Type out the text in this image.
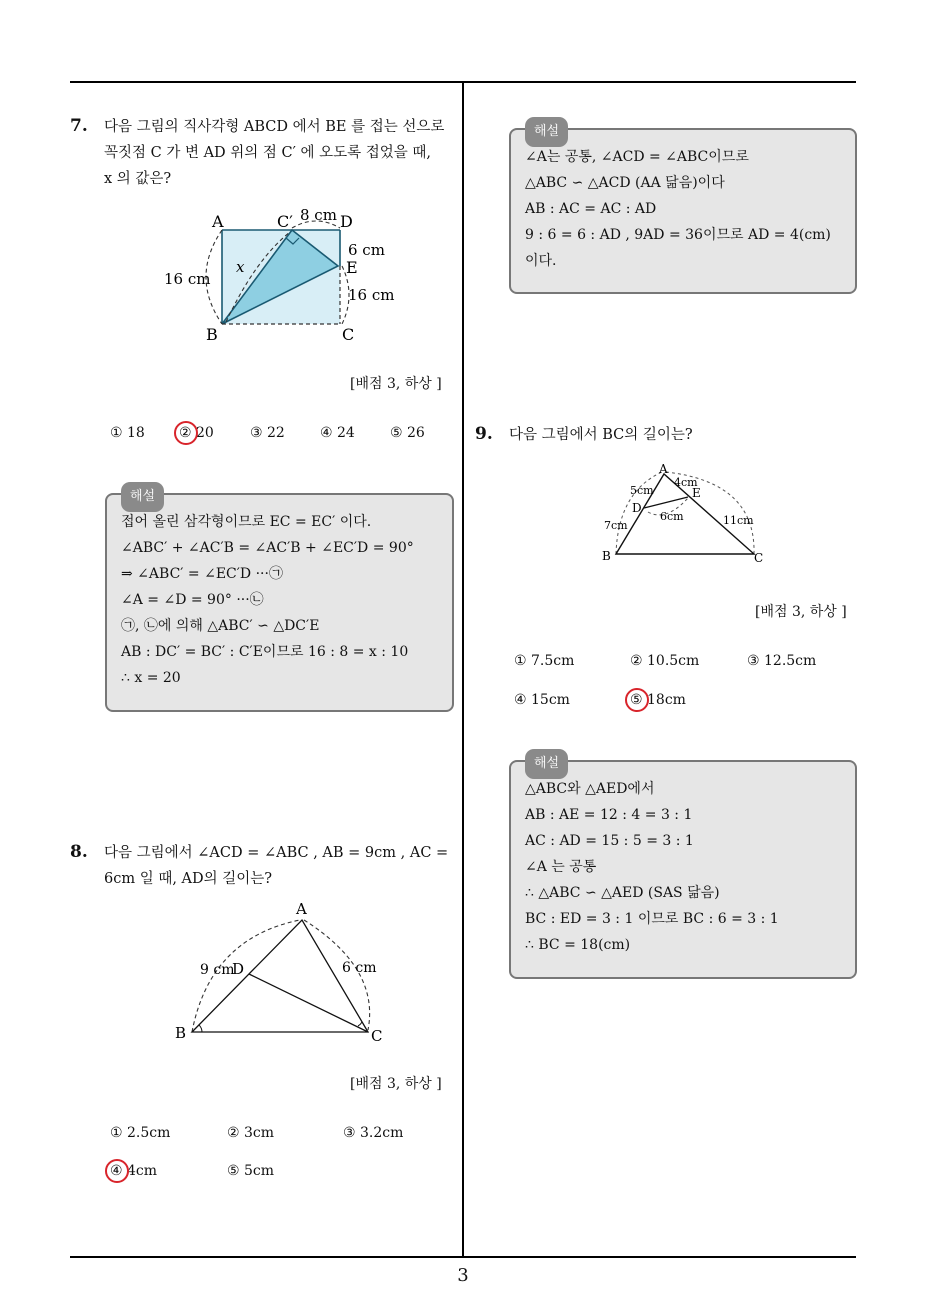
3
7. 다음 그림의 직사각형 ABCD 에서 BE 를 접는 선으로
꼭짓점 C 가 변 AD 위의 점 C′ 에 오도록 접었을 때,
x 의 값은?
A
B	C
D
C′
E
x
16 cm
8 cm
6 cm
16 cm
[배점 3, 하상 ]
① 18 ② 20	③ 22	④ 24	⑤ 26
해설
접어 올린 삼각형이므로 EC = EC′ 이다.
∠ABC′ + ∠AC′B = ∠AC′B + ∠EC′D = 90°
⇒ ∠ABC′ = ∠EC′D ···㉠
∠A = ∠D = 90° ···㉡
㉠, ㉡에 의해 △ABC′ ∽ △DC′E
AB : DC′ = BC′ : C′E이므로 16 : 8 = x : 10
∴ x = 20
8. 다음 그림에서 ∠ACD = ∠ABC , AB = 9cm , AC =
6cm 일 때, AD의 길이는?
A
B	C
D
9 cm	6 cm
[배점 3, 하상 ]
① 2.5cm	② 3cm	③ 3.2cm
④ 4cm	⑤ 5cm
해설
∠A는 공통, ∠ACD = ∠ABC이므로
△ABC ∽ △ACD (AA 닮음)이다
AB : AC = AC : AD
9 : 6 = 6 : AD , 9AD = 36이므로 AD = 4(cm)
이다.
9. 다음 그림에서 BC의 길이는?
A
B	C
D
E
4cm
5cm
6cm
7cm	11cm
[배점 3, 하상 ]
① 7.5cm	② 10.5cm	③ 12.5cm
④ 15cm	⑤ 18cm
해설
△ABC와 △AED에서
AB : AE = 12 : 4 = 3 : 1
AC : AD = 15 : 5 = 3 : 1
∠A 는 공통
∴ △ABC ∽ △AED (SAS 닮음)
BC : ED = 3 : 1 이므로 BC : 6 = 3 : 1
∴ BC = 18(cm)
